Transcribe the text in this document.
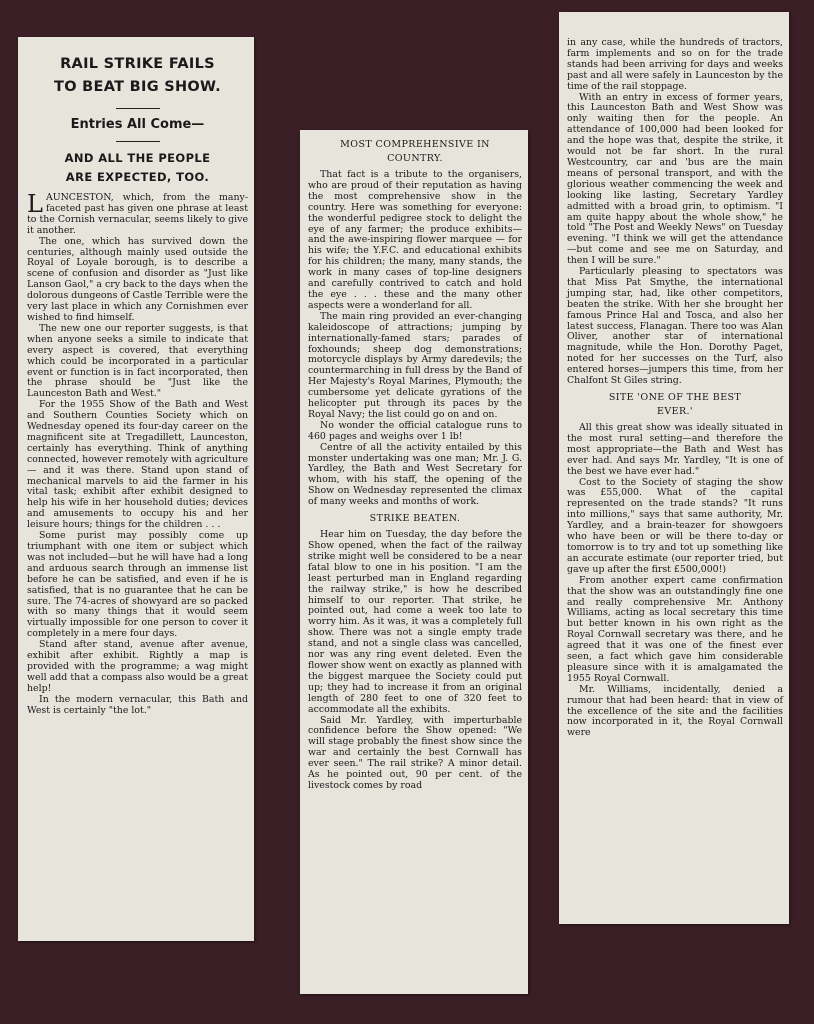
RAIL STRIKE FAILS
TO BEAT BIG SHOW.
Entries All Come—
AND ALL THE PEOPLE
ARE EXPECTED, TOO.

LAUNCESTON, which, from the many-faceted past has given one phrase at least to the Cornish vernacular, seems likely to give it another.

The one, which has survived down the centuries, although mainly used outside the Royal of Loyale borough, is to describe a scene of confusion and disorder as "Just like Lanson Gaol," a cry back to the days when the dolorous dungeons of Castle Terrible were the very last place in which any Cornishmen ever wished to find himself.

The new one our reporter suggests, is that when anyone seeks a simile to indicate that every aspect is covered, that everything which could be incorporated in a particular event or function is in fact incorporated, then the phrase should be "Just like the Launceston Bath and West."

For the 1955 Show of the Bath and West and Southern Counties Society which on Wednesday opened its four-day career on the magnificent site at Tregadillett, Launceston, certainly has everything. Think of anything connected, however remotely with agriculture — and it was there. Stand upon stand of mechanical marvels to aid the farmer in his vital task; exhibit after exhibit designed to help his wife in her household duties; devices and amusements to occupy his and her leisure hours; things for the children . . .

Some purist may possibly come up triumphant with one item or subject which was not included—but he will have had a long and arduous search through an immense list before he can be satisfied, and even if he is satisfied, that is no guarantee that he can be sure. The 74-acres of showyard are so packed with so many things that it would seem virtually impossible for one person to cover it completely in a mere four days.

Stand after stand, avenue after avenue, exhibit after exhibit. Rightly a map is provided with the programme; a wag might well add that a compass also would be a great help!

In the modern vernacular, this Bath and West is certainly "the lot."

MOST COMPREHENSIVE IN
COUNTRY.

That fact is a tribute to the organisers, who are proud of their reputation as having the most comprehensive show in the country. Here was something for everyone: the wonderful pedigree stock to delight the eye of any farmer; the produce exhibits—and the awe-inspiring flower marquee — for his wife; the Y.F.C. and educational exhibits for his children; the many, many stands, the work in many cases of top-line designers and carefully contrived to catch and hold the eye . . . these and the many other aspects were a wonderland for all.

The main ring provided an ever-changing kaleidoscope of attractions; jumping by internationally-famed stars; parades of foxhounds; sheep dog demonstrations; motorcycle displays by Army daredevils; the countermarching in full dress by the Band of Her Majesty's Royal Marines, Plymouth; the cumbersome yet delicate gyrations of the helicopter put through its paces by the Royal Navy; the list could go on and on.

No wonder the official catalogue runs to 460 pages and weighs over 1 lb!

Centre of all the activity entailed by this monster undertaking was one man; Mr. J. G. Yardley, the Bath and West Secretary for whom, with his staff, the opening of the Show on Wednesday represented the climax of many weeks and months of work.

STRIKE BEATEN.

Hear him on Tuesday, the day before the Show opened, when the fact of the railway strike might well be considered to be a near fatal blow to one in his position. "I am the least perturbed man in England regarding the railway strike," is how he described himself to our reporter. That strike, he pointed out, had come a week too late to worry him. As it was, it was a completely full show. There was not a single empty trade stand, and not a single class was cancelled, nor was any ring event deleted. Even the flower show went on exactly as planned with the biggest marquee the Society could put up; they had to increase it from an original length of 280 feet to one of 320 feet to accommodate all the exhibits.

Said Mr. Yardley, with imperturbable confidence before the Show opened: "We will stage probably the finest show since the war and certainly the best Cornwall has ever seen." The rail strike? A minor detail. As he pointed out, 90 per cent. of the livestock comes by road

in any case, while the hundreds of tractors, farm implements and so on for the trade stands had been arriving for days and weeks past and all were safely in Launceston by the time of the rail stoppage.

With an entry in excess of former years, this Launceston Bath and West Show was only waiting then for the people. An attendance of 100,000 had been looked for and the hope was that, despite the strike, it would not be far short. In the rural Westcountry, car and 'bus are the main means of personal transport, and with the glorious weather commencing the week and looking like lasting, Secretary Yardley admitted with a broad grin, to optimism. "I am quite happy about the whole show," he told "The Post and Weekly News" on Tuesday evening. "I think we will get the attendance—but come and see me on Saturday, and then I will be sure."

Particularly pleasing to spectators was that Miss Pat Smythe, the international jumping star, had, like other competitors, beaten the strike. With her she brought her famous Prince Hal and Tosca, and also her latest success, Flanagan. There too was Alan Oliver, another star of international magnitude, while the Hon. Dorothy Paget, noted for her successes on the Turf, also entered horses—jumpers this time, from her Chalfont St Giles string.

SITE 'ONE OF THE BEST
EVER.'

All this great show was ideally situated in the most rural setting—and therefore the most appropriate—the Bath and West has ever had. And says Mr. Yardley, "It is one of the best we have ever had."

Cost to the Society of staging the show was £55,000. What of the capital represented on the trade stands? "It runs into millions," says that same authority, Mr. Yardley, and a brain-teazer for showgoers who have been or will be there to-day or tomorrow is to try and tot up something like an accurate estimate (our reporter tried, but gave up after the first £500,000!)

From another expert came confirmation that the show was an outstandingly fine one and really comprehensive Mr. Anthony Williams, acting as local secretary this time but better known in his own right as the Royal Cornwall secretary was there, and he agreed that it was one of the finest ever seen, a fact which gave him considerable pleasure since with it is amalgamated the 1955 Royal Cornwall.

Mr. Williams, incidentally, denied a rumour that had been heard: that in view of the excellence of the site and the facilities now incorporated in it, the Royal Cornwall were
